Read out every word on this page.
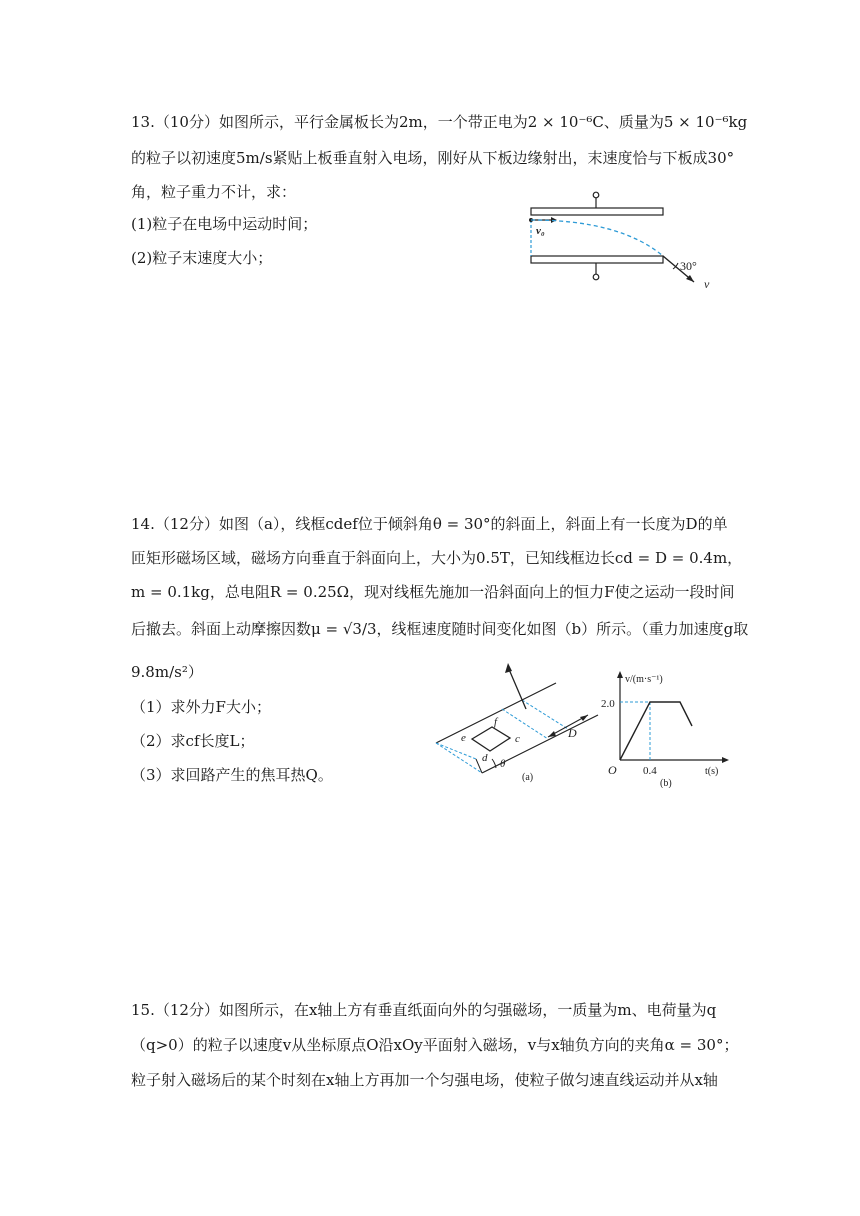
13.（10分）如图所示，平行金属板长为2m，一个带正电为2 × 10⁻⁶C、质量为5 × 10⁻⁶kg
的粒子以初速度5m/s紧贴上板垂直射入电场，刚好从下板边缘射出，末速度恰与下板成30°
角，粒子重力不计，求：
(1)粒子在电场中运动时间；
(2)粒子末速度大小；
v₀
30°
v
14.（12分）如图（a），线框cdef位于倾斜角θ = 30°的斜面上，斜面上有一长度为D的单
匝矩形磁场区域，磁场方向垂直于斜面向上，大小为0.5T，已知线框边长cd = D = 0.4m，
m = 0.1kg，总电阻R = 0.25Ω，现对线框先施加一沿斜面向上的恒力F使之运动一段时间
后撤去。斜面上动摩擦因数μ = √3/3，线框速度随时间变化如图（b）所示。（重力加速度g取
9.8m/s²）
（1）求外力F大小；
（2）求cf长度L；
（3）求回路产生的焦耳热Q。
e
f
c
d
D
θ
(a)
v/(m·s⁻¹)
2.0
0.4
O	t(s)
(b)
15.（12分）如图所示，在x轴上方有垂直纸面向外的匀强磁场，一质量为m、电荷量为q
（q>0）的粒子以速度v从坐标原点O沿xOy平面射入磁场，v与x轴负方向的夹角α = 30°；
粒子射入磁场后的某个时刻在x轴上方再加一个匀强电场，使粒子做匀速直线运动并从x轴
